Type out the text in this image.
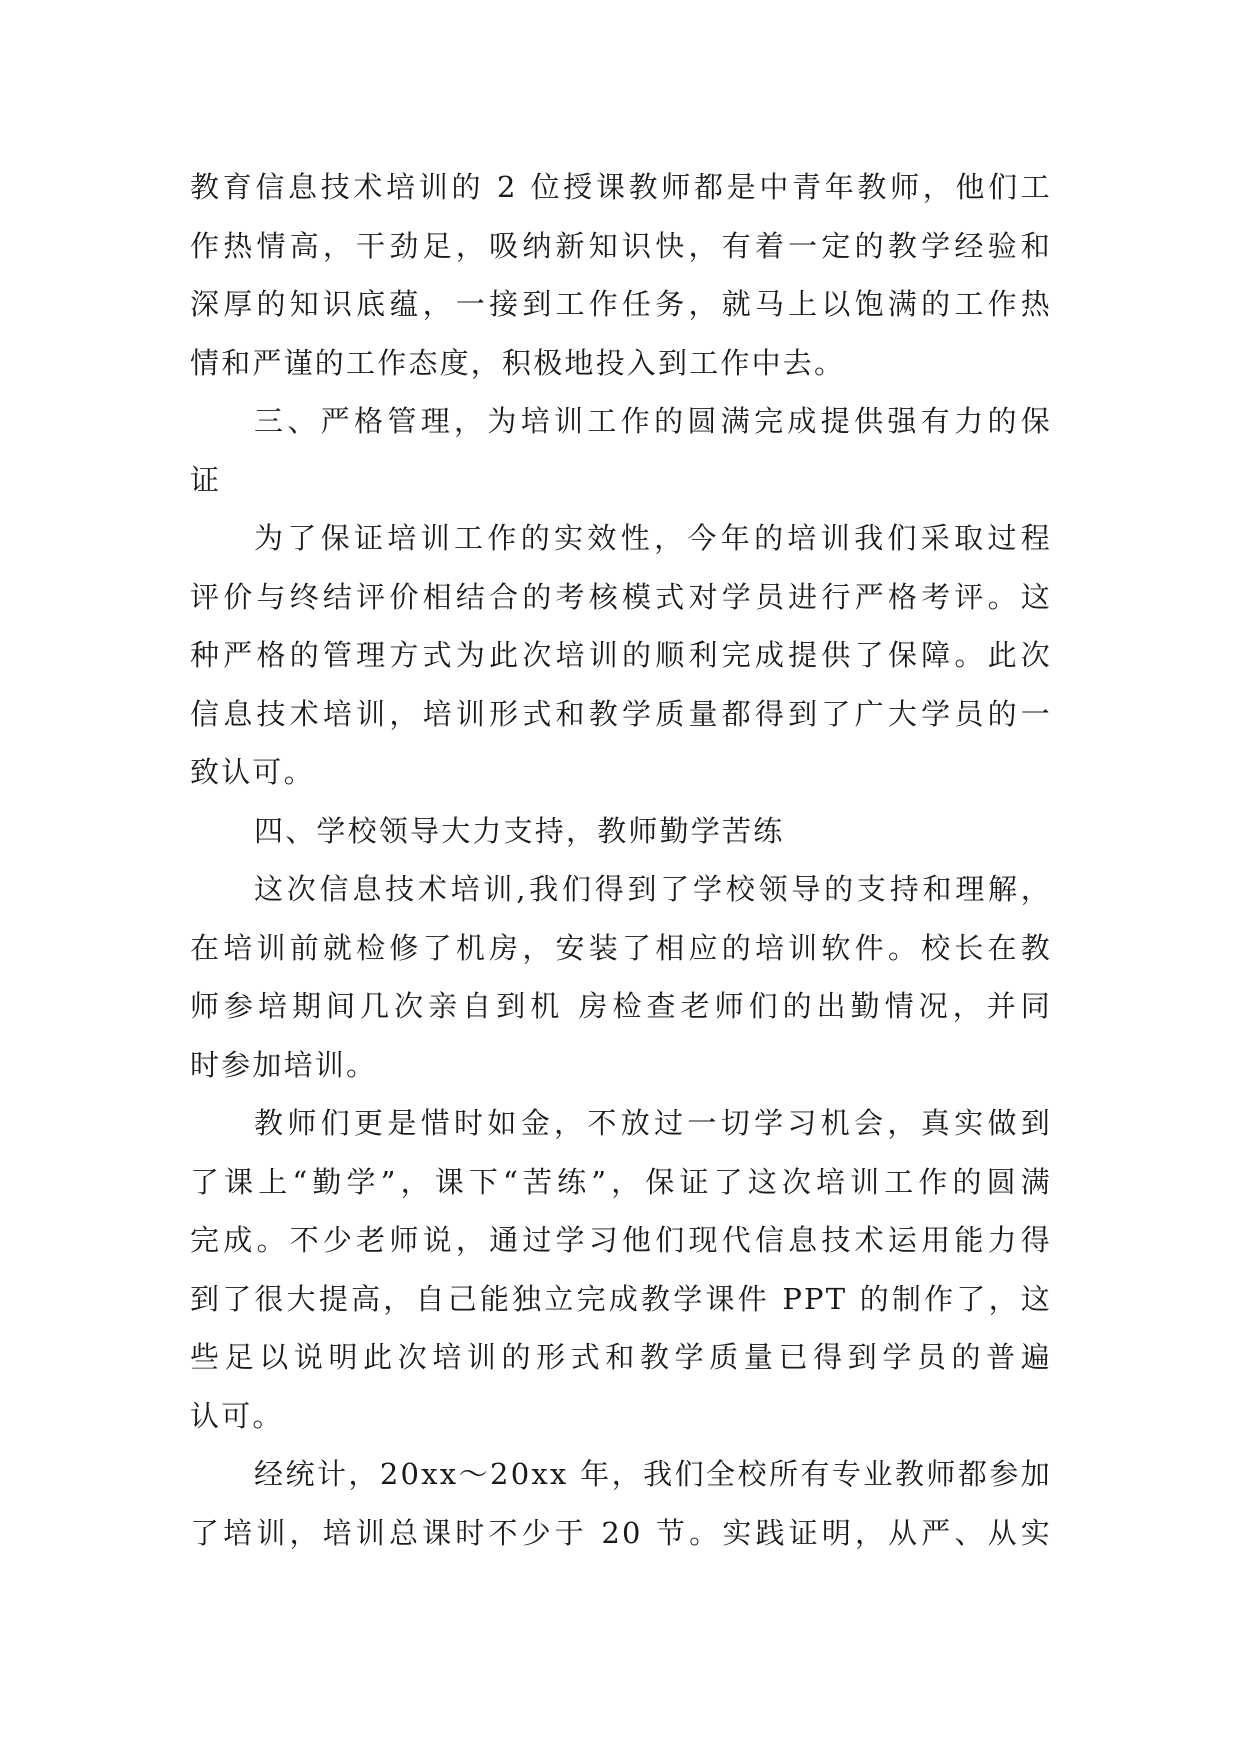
教育信息技术培训的 2 位授课教师都是中青年教师，他们工
作热情高，干劲足，吸纳新知识快，有着一定的教学经验和
深厚的知识底蕴，一接到工作任务，就马上以饱满的工作热
情和严谨的工作态度，积极地投入到工作中去。
三、严格管理，为培训工作的圆满完成提供强有力的保
证
为了保证培训工作的实效性，今年的培训我们采取过程
评价与终结评价相结合的考核模式对学员进行严格考评。这
种严格的管理方式为此次培训的顺利完成提供了保障。此次
信息技术培训，培训形式和教学质量都得到了广大学员的一
致认可。
四、学校领导大力支持，教师勤学苦练
这次信息技术培训,我们得到了学校领导的支持和理解，
在培训前就检修了机房，安装了相应的培训软件。校长在教
师参培期间几次亲自到机 房检查老师们的出勤情况，并同
时参加培训。
教师们更是惜时如金，不放过一切学习机会，真实做到
了课上“勤学”，课下“苦练”，保证了这次培训工作的圆满
完成。不少老师说，通过学习他们现代信息技术运用能力得
到了很大提高，自己能独立完成教学课件 PPT 的制作了，这
些足以说明此次培训的形式和教学质量已得到学员的普遍
认可。
经统计，20xx～20xx 年，我们全校所有专业教师都参加
了培训，培训总课时不少于 20 节。实践证明，从严、从实
